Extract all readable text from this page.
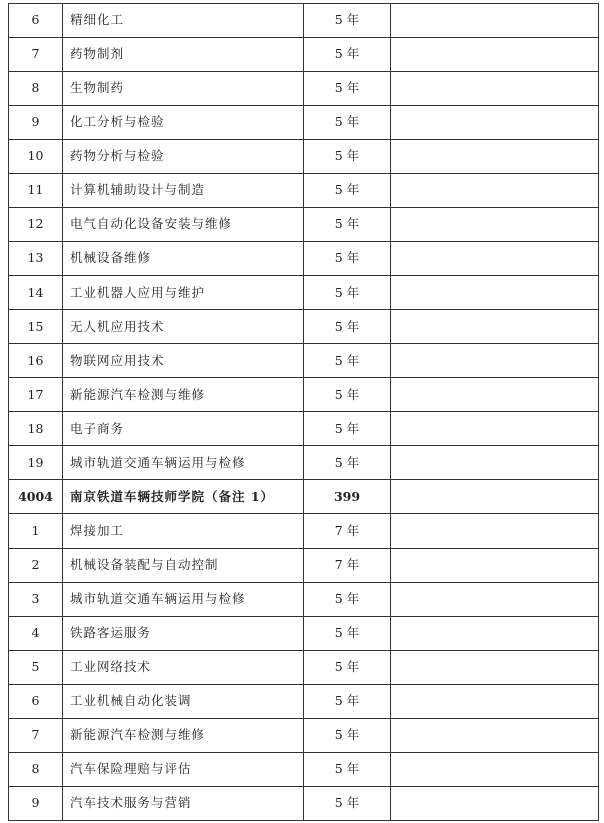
6	精细化工	5 年	
7	药物制剂	5 年	
8	生物制药	5 年	
9	化工分析与检验	5 年	
10	药物分析与检验	5 年	
11	计算机辅助设计与制造	5 年	
12	电气自动化设备安装与维修	5 年	
13	机械设备维修	5 年	
14	工业机器人应用与维护	5 年	
15	无人机应用技术	5 年	
16	物联网应用技术	5 年	
17	新能源汽车检测与维修	5 年	
18	电子商务	5 年	
19	城市轨道交通车辆运用与检修	5 年	
4004	南京铁道车辆技师学院（备注 1）	399	
1	焊接加工	7 年	
2	机械设备装配与自动控制	7 年	
3	城市轨道交通车辆运用与检修	5 年	
4	铁路客运服务	5 年	
5	工业网络技术	5 年	
6	工业机械自动化装调	5 年	
7	新能源汽车检测与维修	5 年	
8	汽车保险理赔与评估	5 年	
9	汽车技术服务与营销	5 年	
